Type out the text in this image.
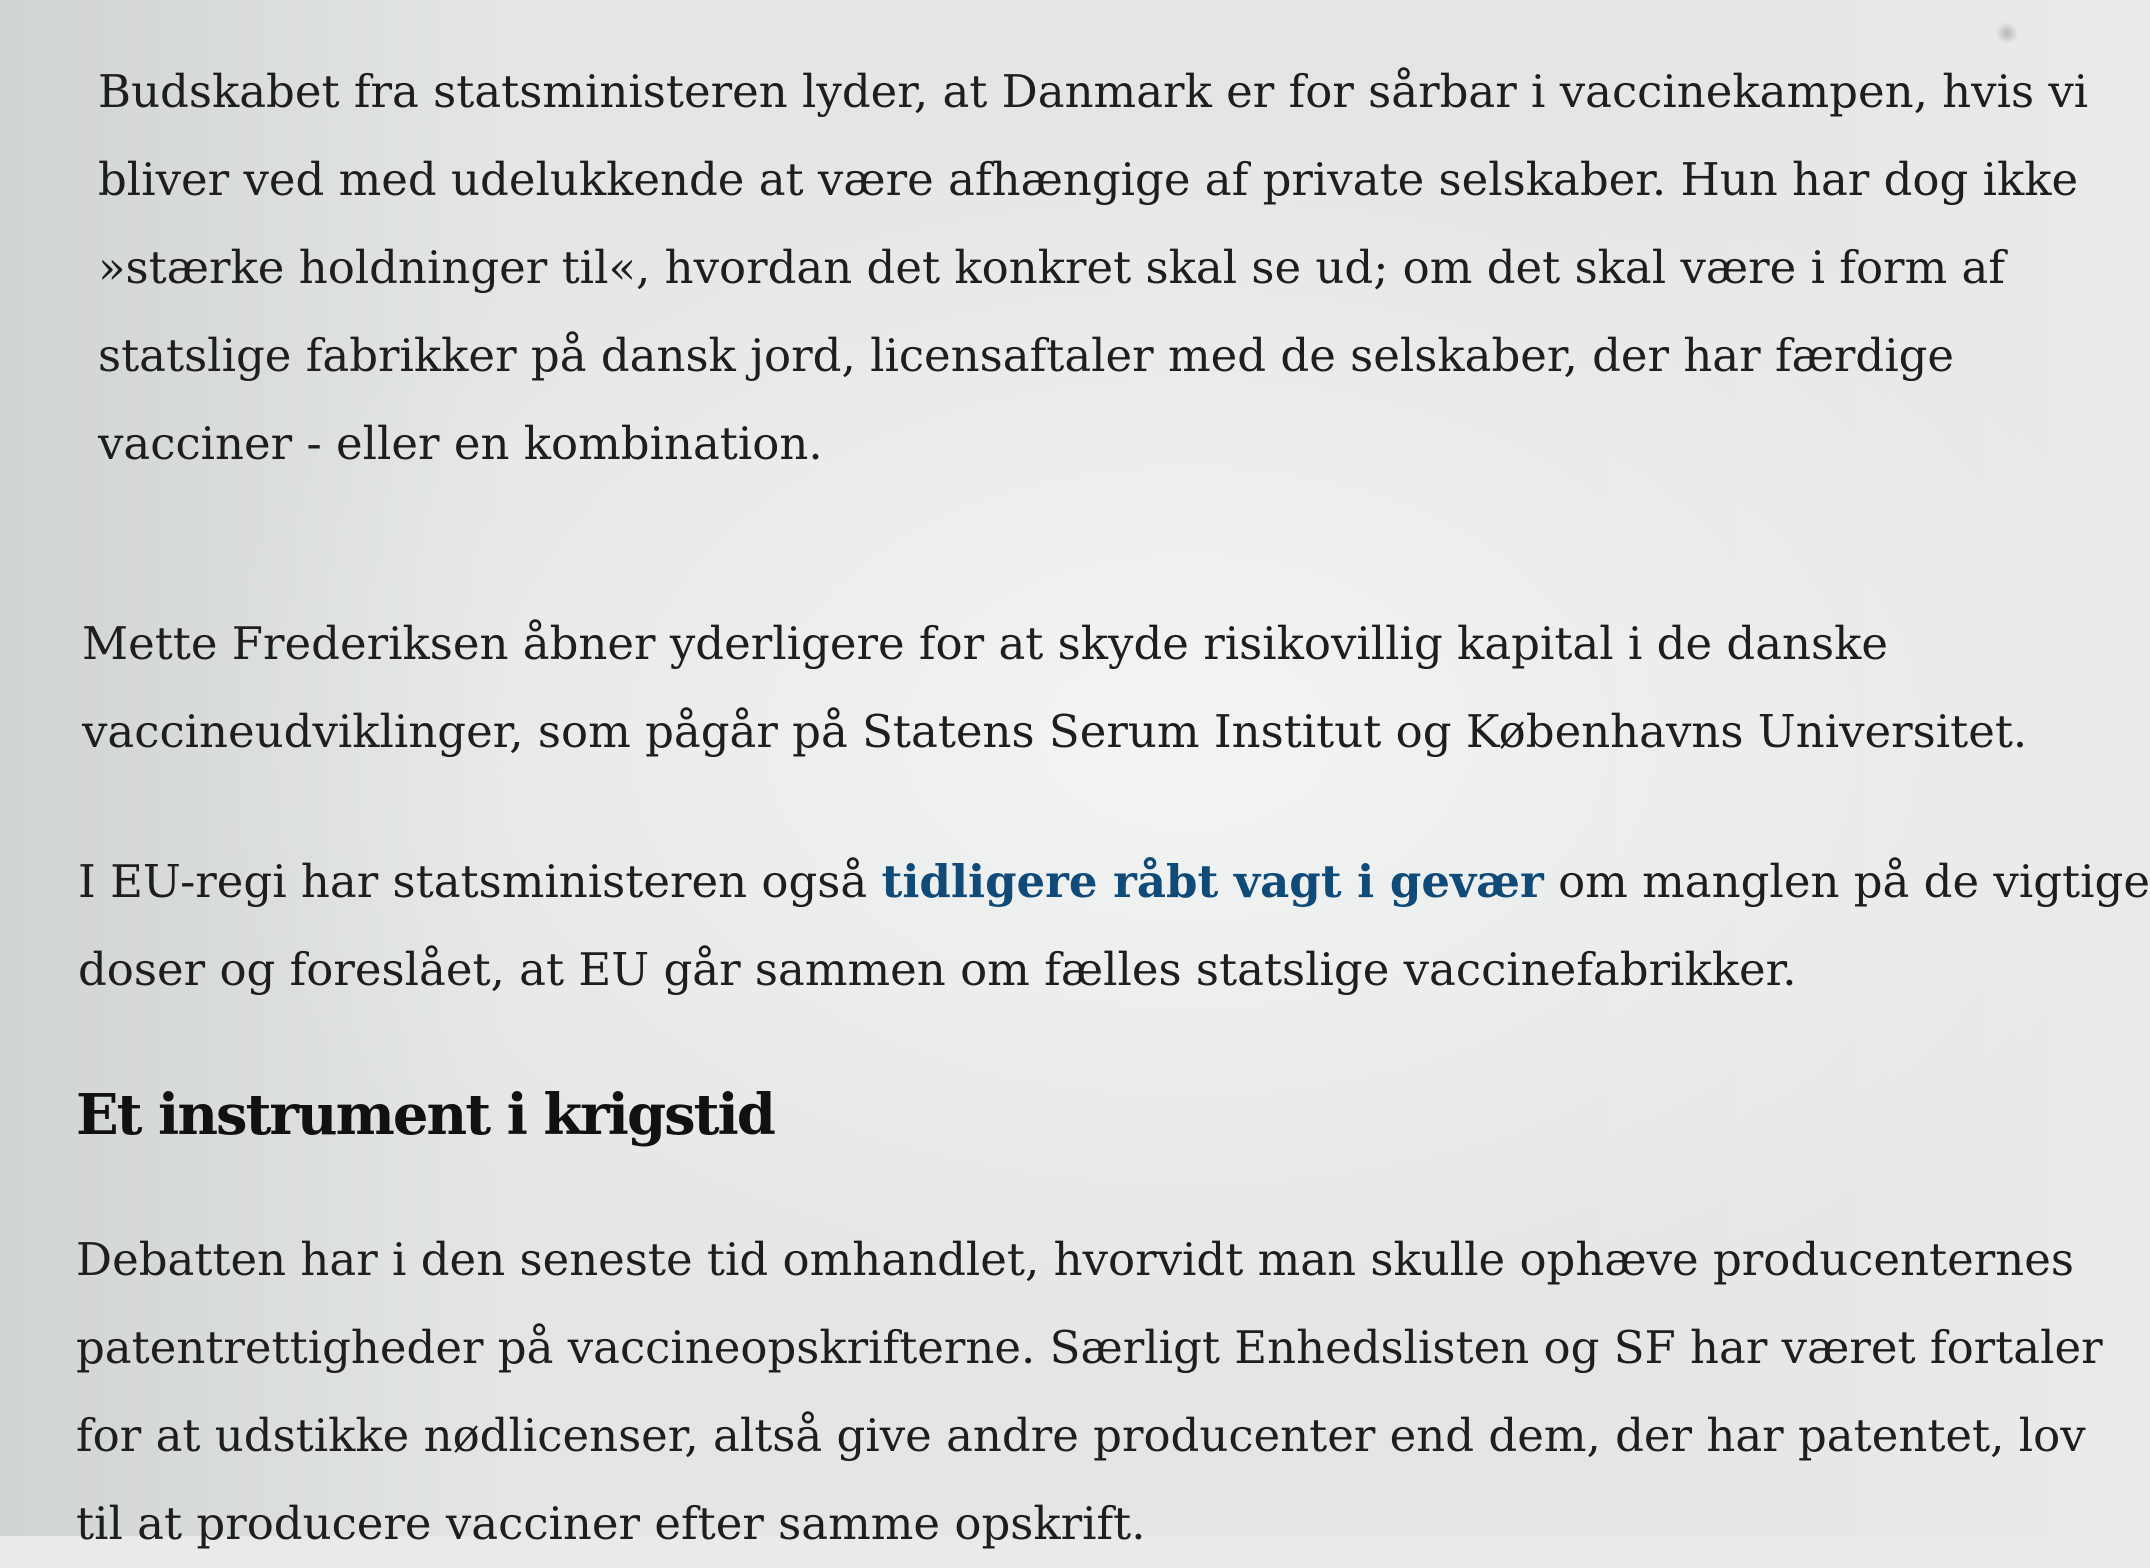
Budskabet fra statsministeren lyder, at Danmark er for sårbar i vaccinekampen, hvis vi
bliver ved med udelukkende at være afhængige af private selskaber. Hun har dog ikke
»stærke holdninger til«, hvordan det konkret skal se ud; om det skal være i form af
statslige fabrikker på dansk jord, licensaftaler med de selskaber, der har færdige
vacciner - eller en kombination.

Mette Frederiksen åbner yderligere for at skyde risikovillig kapital i de danske
vaccineudviklinger, som pågår på Statens Serum Institut og Københavns Universitet.

I EU-regi har statsministeren også tidligere råbt vagt i gevær om manglen på de vigtige
doser og foreslået, at EU går sammen om fælles statslige vaccinefabrikker.

Et instrument i krigstid

Debatten har i den seneste tid omhandlet, hvorvidt man skulle ophæve producenternes
patentrettigheder på vaccineopskrifterne. Særligt Enhedslisten og SF har været fortaler
for at udstikke nødlicenser, altså give andre producenter end dem, der har patentet, lov
til at producere vacciner efter samme opskrift.
